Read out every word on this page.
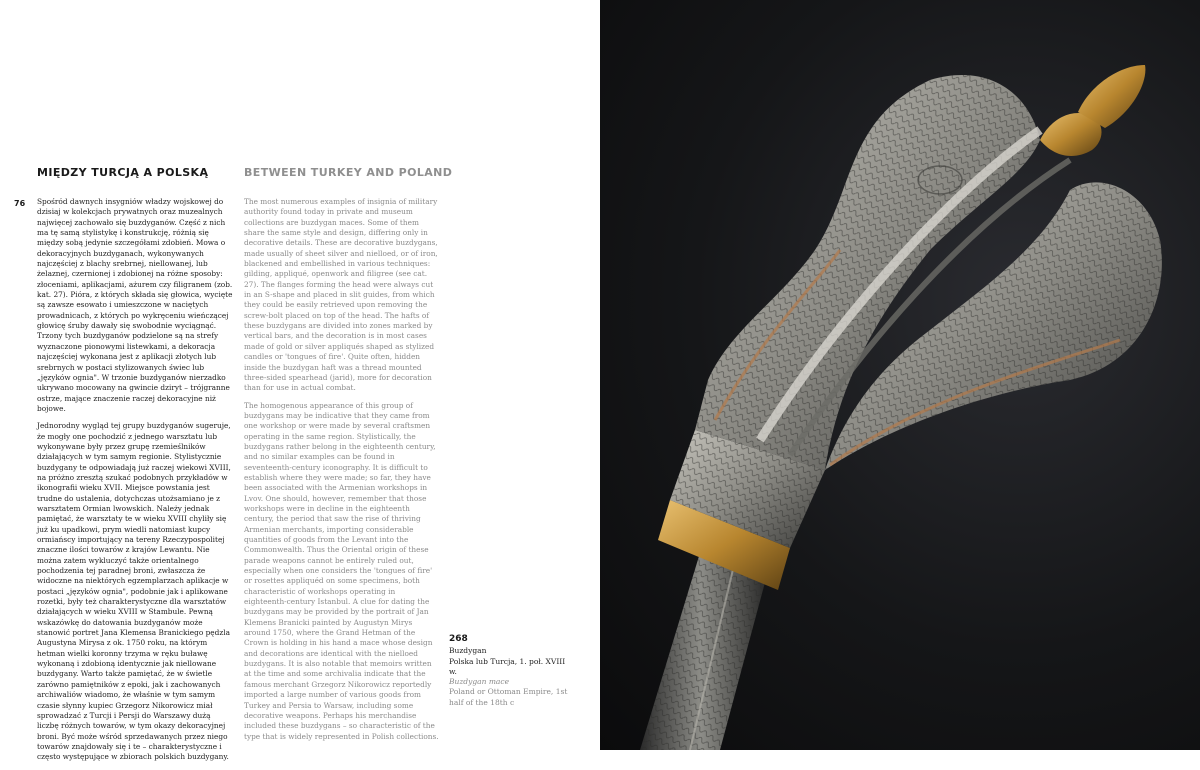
MIĘDZY TURCJĄ A POLSKĄ	BETWEEN TURKEY AND POLAND
76 Spośród dawnych insygniów władzy wojskowej do dzisiaj w kolekcjach prywatnych oraz muzealnych najwięcej zachowało się buzdyganów. Część z nich ma tę samą stylistykę i konstrukcję, różnią się między sobą jedynie szczegółami zdobień. Mowa o dekoracyjnych buzdyganach, wykonywanych najczęściej z blachy srebrnej, niellowanej, lub żelaznej, czernionej i zdobionej na różne sposoby: złoceniami, aplikacjami, ażurem czy filigranem (zob. kat. 27). Pióra, z których składa się głowica, wycięte są zawsze esowato i umieszczone w naciętych prowadnicach, z których po wykręceniu wieńczącej głowicę śruby dawały się swobodnie wyciągnąć. Trzony tych buzdyganów podzielone są na strefy wyznaczone pionowymi listewkami, a dekoracja najczęściej wykonana jest z aplikacji złotych lub srebrnych w postaci stylizowanych świec lub „języków ognia". W trzonie buzdyganów nierzadko ukrywano mocowany na gwincie dziryt – trójgranne ostrze, mające znaczenie raczej dekoracyjne niż bojowe.

Jednorodny wygląd tej grupy buzdyganów sugeruje, że mogły one pochodzić z jednego warsztatu lub wykonywane były przez grupę rzemieślników działających w tym samym regionie. Stylistycznie buzdygany te odpowiadają już raczej wiekowi XVIII, na próżno zresztą szukać podobnych przykładów w ikonografii wieku XVII. Miejsce powstania jest trudne do ustalenia, dotychczas utożsamiano je z warsztatem Ormian lwowskich. Należy jednak pamiętać, że warsztaty te w wieku XVIII chyliły się już ku upadkowi, prym wiedli natomiast kupcy ormiańscy importujący na tereny Rzeczypospolitej znaczne ilości towarów z krajów Lewantu. Nie można zatem wykluczyć także orientalnego pochodzenia tej paradnej broni, zwłaszcza że widoczne na niektórych egzemplarzach aplikacje w postaci „języków ognia", podobnie jak i aplikowane rozetki, były też charakterystyczne dla warsztatów działających w wieku XVIII w Stambule. Pewną wskazówkę do datowania buzdyganów może stanowić portret Jana Klemensa Branickiego pędzla Augustyna Mirysa z ok. 1750 roku, na którym hetman wielki koronny trzyma w ręku buławę wykonaną i zdobioną identycznie jak niellowane buzdygany. Warto także pamiętać, że w świetle zarówno pamiętników z epoki, jak i zachowanych archiwaliów wiadomo, że właśnie w tym samym czasie słynny kupiec Grzegorz Nikorowicz miał sprowadzać z Turcji i Persji do Warszawy dużą liczbę różnych towarów, w tym okazy dekoracyjnej broni. Być może wśród sprzedawanych przez niego towarów znajdowały się i te – charakterystyczne i często występujące w zbiorach polskich buzdygany.

The most numerous examples of insignia of military authority found today in private and museum collections are buzdygan maces. Some of them share the same style and design, differing only in decorative details. These are decorative buzdygans, made usually of sheet silver and nielloed, or of iron, blackened and embellished in various techniques: gilding, appliqué, openwork and filigree (see cat. 27). The flanges forming the head were always cut in an S-shape and placed in slit guides, from which they could be easily retrieved upon removing the screw-bolt placed on top of the head. The hafts of these buzdygans are divided into zones marked by vertical bars, and the decoration is in most cases made of gold or silver appliqués shaped as stylized candles or 'tongues of fire'. Quite often, hidden inside the buzdygan haft was a thread mounted three-sided spearhead (jarid), more for decoration than for use in actual combat.

The homogenous appearance of this group of buzdygans may be indicative that they came from one workshop or were made by several craftsmen operating in the same region. Stylistically, the buzdygans rather belong in the eighteenth century, and no similar examples can be found in seventeenth-century iconography. It is difficult to establish where they were made; so far, they have been associated with the Armenian workshops in Lvov. One should, however, remember that those workshops were in decline in the eighteenth century, the period that saw the rise of thriving Armenian merchants, importing considerable quantities of goods from the Levant into the Commonwealth. Thus the Oriental origin of these parade weapons cannot be entirely ruled out, especially when one considers the 'tongues of fire' or rosettes appliquéd on some specimens, both characteristic of workshops operating in eighteenth-century Istanbul. A clue for dating the buzdygans may be provided by the portrait of Jan Klemens Branicki painted by Augustyn Mirys around 1750, where the Grand Hetman of the Crown is holding in his hand a mace whose design and decorations are identical with the nielloed buzdygans. It is also notable that memoirs written at the time and some archivalia indicate that the famous merchant Grzegorz Nikorowicz reportedly imported a large number of various goods from Turkey and Persia to Warsaw, including some decorative weapons. Perhaps his merchandise included these buzdygans – so characteristic of the type that is widely represented in Polish collections.

268
Buzdygan
Polska lub Turcja, 1. poł. XVIII w.
Buzdygan mace
Poland or Ottoman Empire, 1st half of the 18th c
